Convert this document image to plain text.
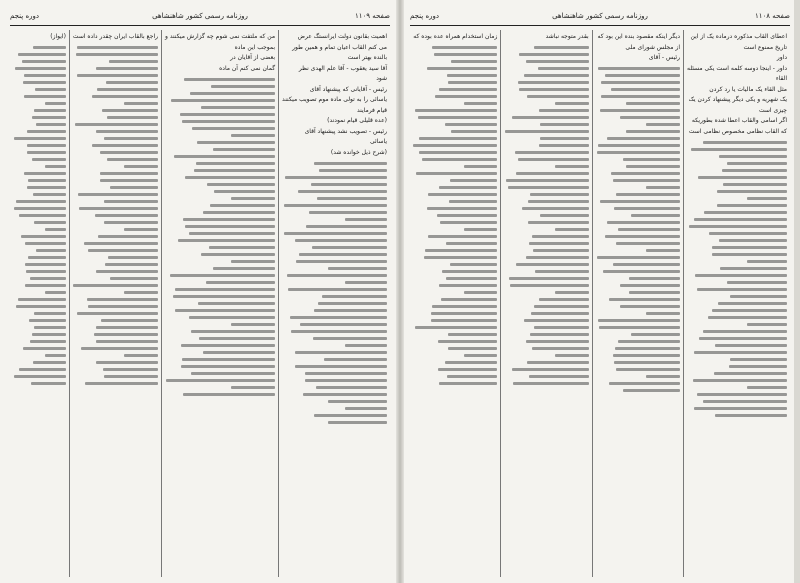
صفحه ۱۱۰۹
روزنامه رسمی کشور شاهنشاهی
دوره پنجم
اهمیت بقانون دولت ایرانستگ عرض
می کنم القاب اعیان تمام و همین طور
بالنده بهتر است
آقا سید یعقوب - آقا علم الهدی نظر
شود
رئیس - آقایانی که پیشنهاد آقای
یاسائی را به تولی ماده موم تصویب میکنند
قیام فرمایند
(عده قلیلی قیام نمودند)
رئیس - تصویب نشد پیشنهاد آقای
یاسائی
(شرح ذیل خوانده شد)
من که ملتفت نمی شوم چه گزارش میکنند و
بموجب این ماده
بعضی از آقایان در
گمان نمی کنم آن ماده
راجع بالقاب ایران چقدر داده است
(ایواز)
صفحه ۱۱۰۸
روزنامه رسمی کشور شاهنشاهی
دوره پنجم
اعطای القاب مذکوره درماده یک از این
تاریخ ممنوع است
داور
داور - اینجا دوسه کلمه است یکی مسئله
القاء
مثل القاء یک مالیات یا رد کردن
یک شهریه و یکی دیگر پیشنهاد کردن یک
چیزی است
اگر اسامی والقاب اعطا شده بطوریکه
که القاب نظامی مخصوص نظامی است
دیگر اینکه مقصود بنده این بود که
از مجلس شورای ملی
رئیس - آقای
بقدر متوجه نباشد
زمان استخدام همراه عده بوده که
